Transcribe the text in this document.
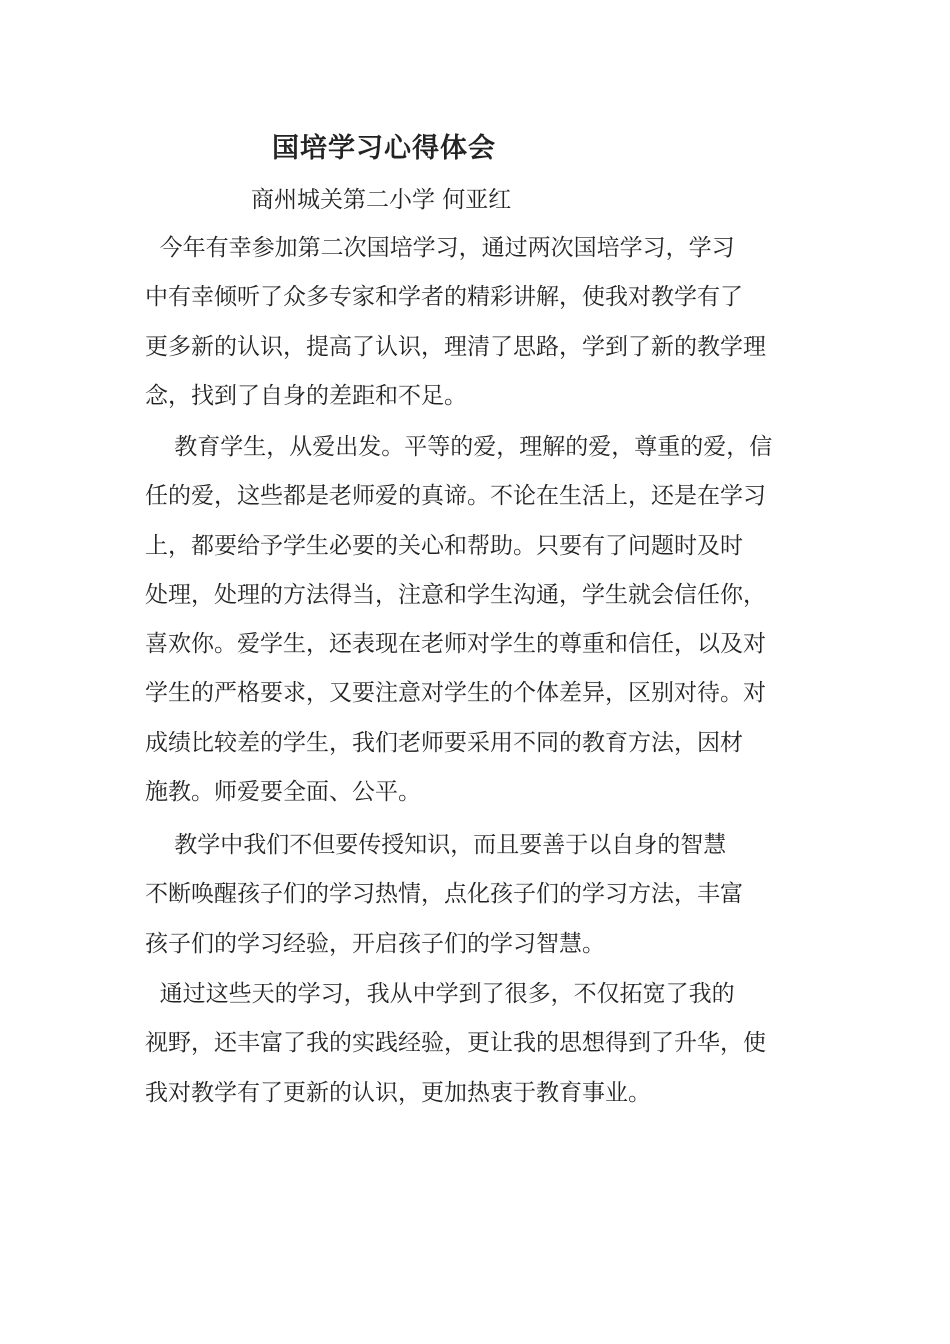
国培学习心得体会
商州城关第二小学 何亚红
今年有幸参加第二次国培学习，通过两次国培学习，学习
中有幸倾听了众多专家和学者的精彩讲解，使我对教学有了
更多新的认识，提高了认识，理清了思路，学到了新的教学理
念，找到了自身的差距和不足。
教育学生，从爱出发。平等的爱，理解的爱，尊重的爱，信
任的爱，这些都是老师爱的真谛。不论在生活上，还是在学习
上，都要给予学生必要的关心和帮助。只要有了问题时及时
处理，处理的方法得当，注意和学生沟通，学生就会信任你，
喜欢你。爱学生，还表现在老师对学生的尊重和信任，以及对
学生的严格要求，又要注意对学生的个体差异，区别对待。对
成绩比较差的学生，我们老师要采用不同的教育方法，因材
施教。师爱要全面、公平。
教学中我们不但要传授知识，而且要善于以自身的智慧
不断唤醒孩子们的学习热情，点化孩子们的学习方法，丰富
孩子们的学习经验，开启孩子们的学习智慧。
通过这些天的学习，我从中学到了很多，不仅拓宽了我的
视野，还丰富了我的实践经验，更让我的思想得到了升华，使
我对教学有了更新的认识，更加热衷于教育事业。
